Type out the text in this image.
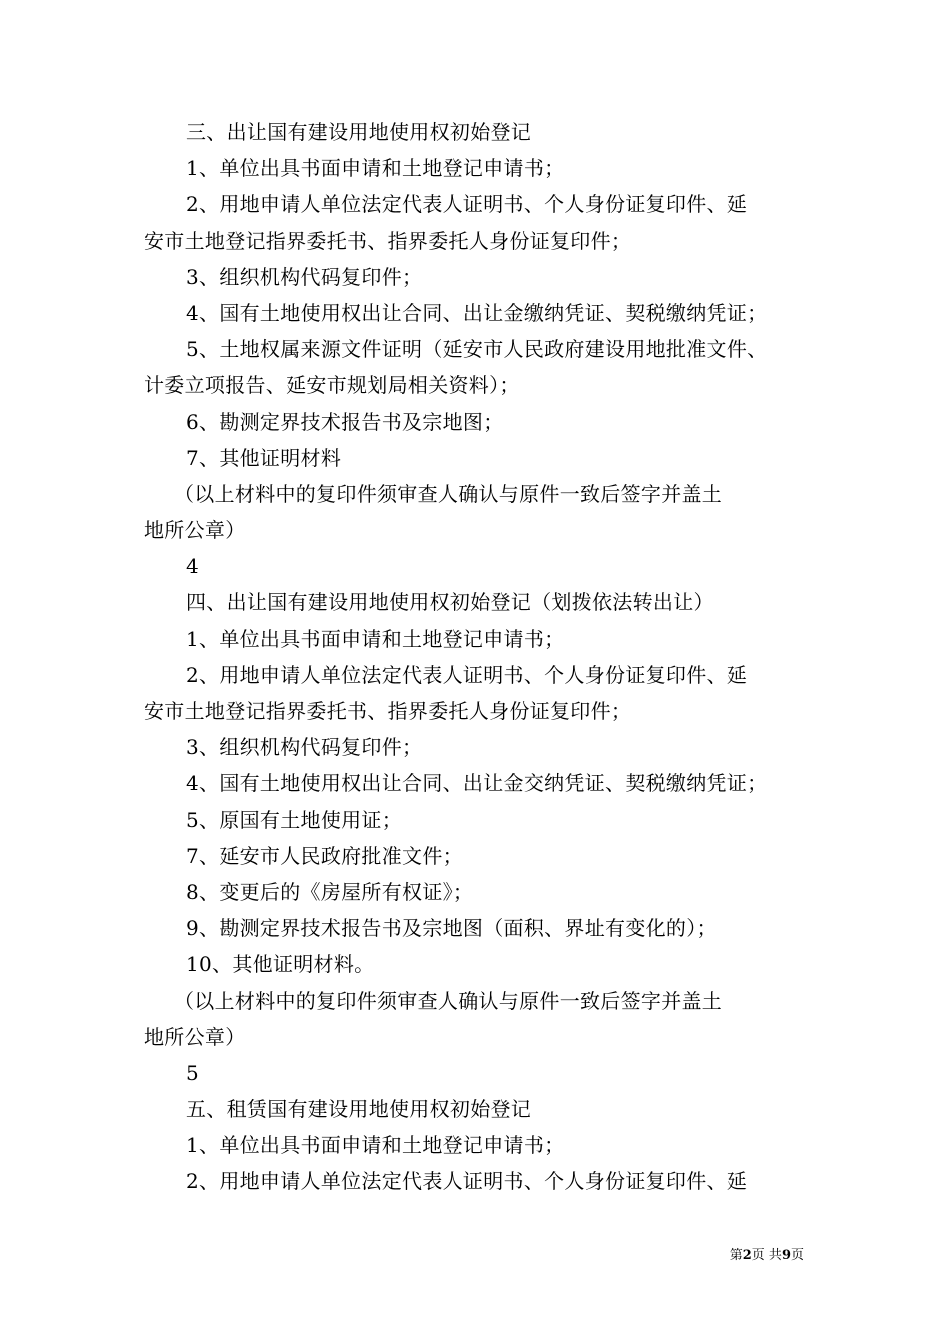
三、出让国有建设用地使用权初始登记
1、单位出具书面申请和土地登记申请书；
2、用地申请人单位法定代表人证明书、个人身份证复印件、延
安市土地登记指界委托书、指界委托人身份证复印件；
3、组织机构代码复印件；
4、国有土地使用权出让合同、出让金缴纳凭证、契税缴纳凭证；
5、土地权属来源文件证明（延安市人民政府建设用地批准文件、
计委立项报告、延安市规划局相关资料）；
6、勘测定界技术报告书及宗地图；
7、其他证明材料
（以上材料中的复印件须审查人确认与原件一致后签字并盖土
地所公章）
4
四、出让国有建设用地使用权初始登记（划拨依法转出让）
1、单位出具书面申请和土地登记申请书；
2、用地申请人单位法定代表人证明书、个人身份证复印件、延
安市土地登记指界委托书、指界委托人身份证复印件；
3、组织机构代码复印件；
4、国有土地使用权出让合同、出让金交纳凭证、契税缴纳凭证；
5、原国有土地使用证；
7、延安市人民政府批准文件；
8、变更后的《房屋所有权证》；
9、勘测定界技术报告书及宗地图（面积、界址有变化的）；
10、其他证明材料。
（以上材料中的复印件须审查人确认与原件一致后签字并盖土
地所公章）
5
五、租赁国有建设用地使用权初始登记
1、单位出具书面申请和土地登记申请书；
2、用地申请人单位法定代表人证明书、个人身份证复印件、延
第2页 共9页
